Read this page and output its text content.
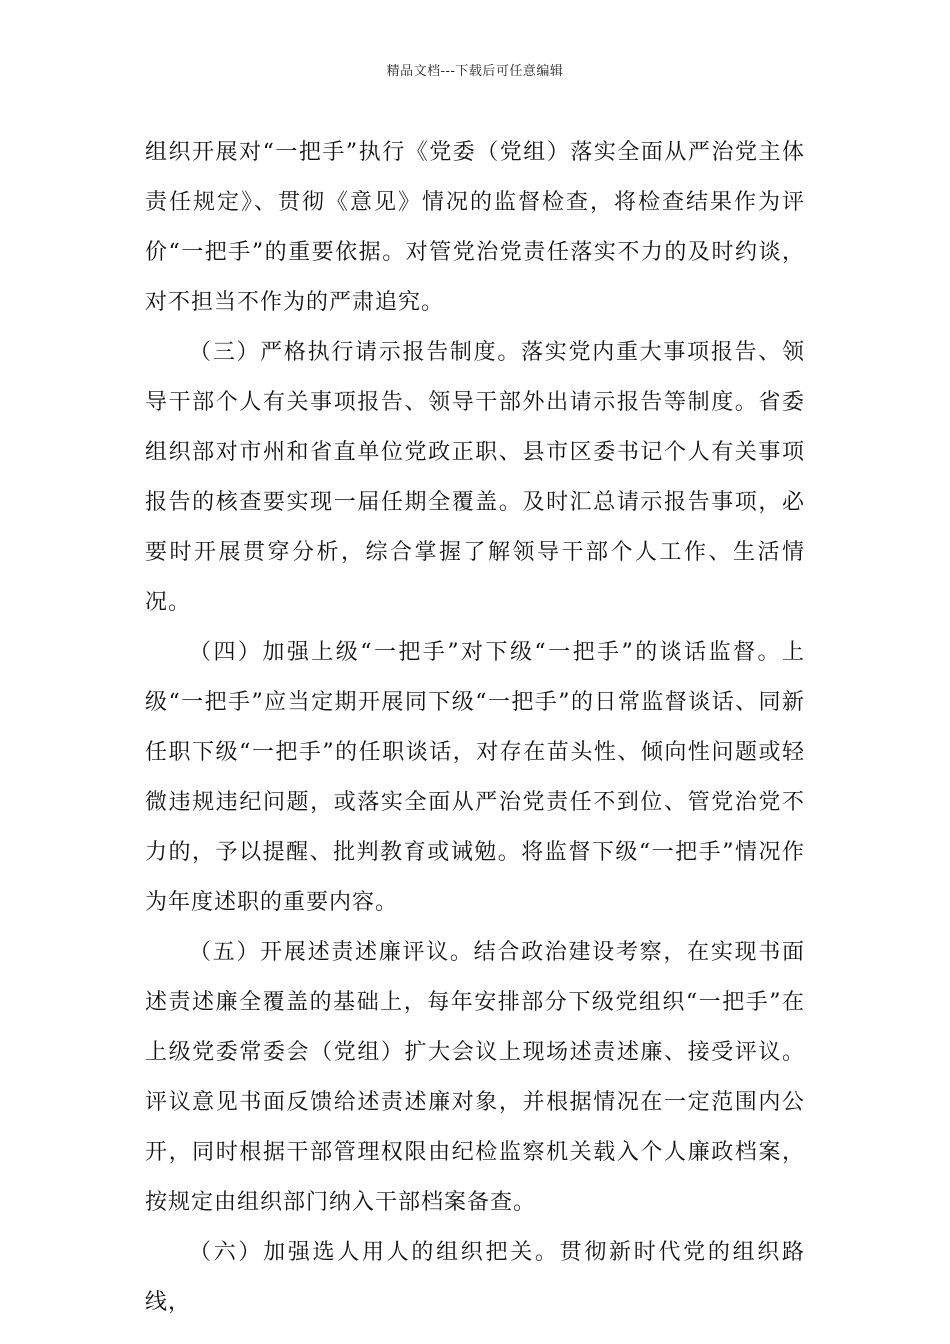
精品文档---下载后可任意编辑

组织开展对“一把手”执行《党委（党组）落实全面从严治党主体责任规定》、贯彻《意见》情况的监督检查，将检查结果作为评价“一把手”的重要依据。对管党治党责任落实不力的及时约谈，对不担当不作为的严肃追究。

（三）严格执行请示报告制度。落实党内重大事项报告、领导干部个人有关事项报告、领导干部外出请示报告等制度。省委组织部对市州和省直单位党政正职、县市区委书记个人有关事项报告的核查要实现一届任期全覆盖。及时汇总请示报告事项，必要时开展贯穿分析，综合掌握了解领导干部个人工作、生活情况。

（四）加强上级“一把手”对下级“一把手”的谈话监督。上级“一把手”应当定期开展同下级“一把手”的日常监督谈话、同新任职下级“一把手”的任职谈话，对存在苗头性、倾向性问题或轻微违规违纪问题，或落实全面从严治党责任不到位、管党治党不力的，予以提醒、批判教育或诫勉。将监督下级“一把手”情况作为年度述职的重要内容。

（五）开展述责述廉评议。结合政治建设考察，在实现书面述责述廉全覆盖的基础上，每年安排部分下级党组织“一把手”在上级党委常委会（党组）扩大会议上现场述责述廉、接受评议。评议意见书面反馈给述责述廉对象，并根据情况在一定范围内公开，同时根据干部管理权限由纪检监察机关载入个人廉政档案，按规定由组织部门纳入干部档案备查。

（六）加强选人用人的组织把关。贯彻新时代党的组织路线，
